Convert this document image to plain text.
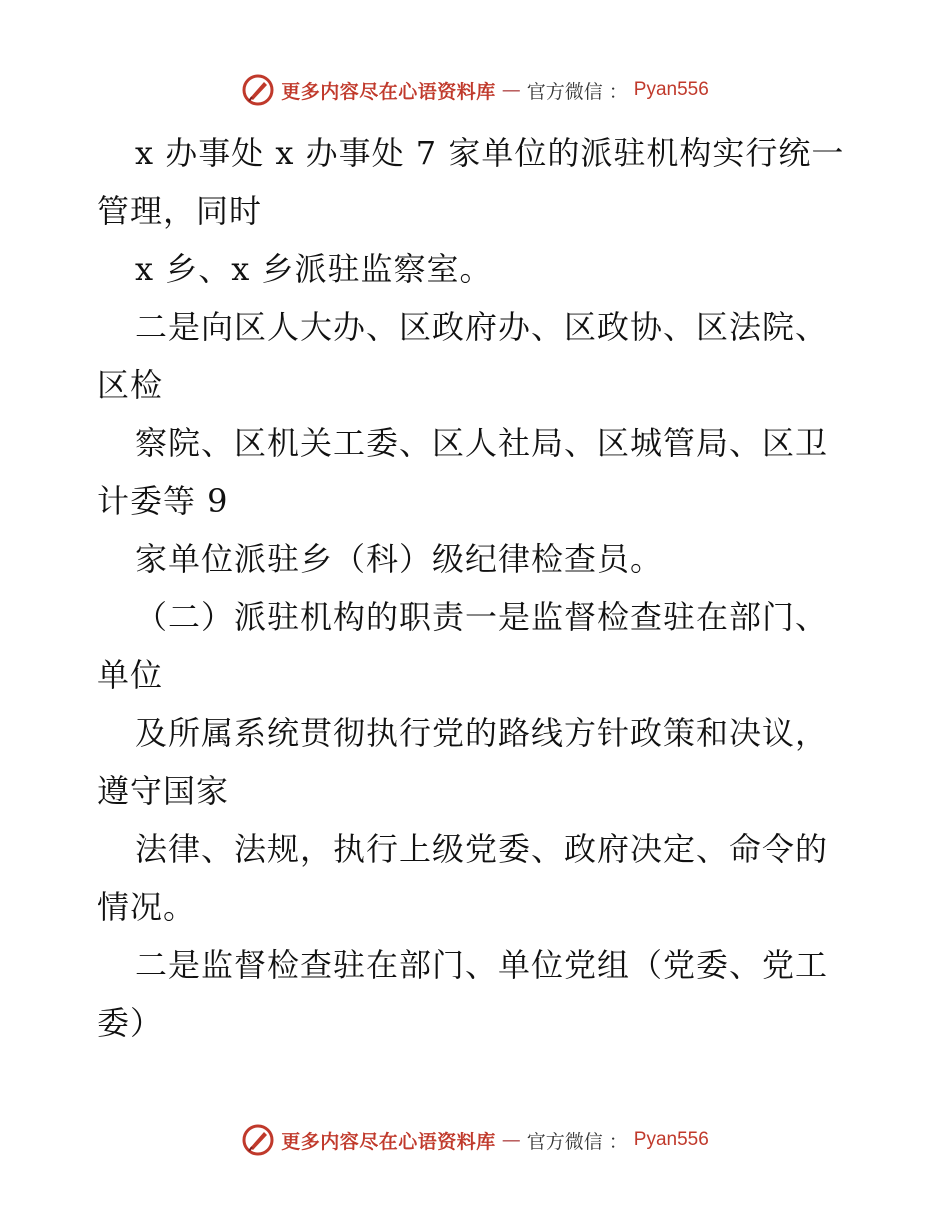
更多内容尽在心语资料库 — 官方微信 ： Pyan556
x 办事处 x 办事处 7 家单位的派驻机构实行统一
管理，同时
x 乡、x 乡派驻监察室。
二是向区人大办、区政府办、区政协、区法院、
区检
察院、区机关工委、区人社局、区城管局、区卫
计委等 9
家单位派驻乡（科）级纪律检查员。
（二）派驻机构的职责一是监督检查驻在部门、
单位
及所属系统贯彻执行党的路线方针政策和决议，
遵守国家
法律、法规，执行上级党委、政府决定、命令的
情况。
二是监督检查驻在部门、单位党组（党委、党工
委）
更多内容尽在心语资料库 — 官方微信 ： Pyan556
